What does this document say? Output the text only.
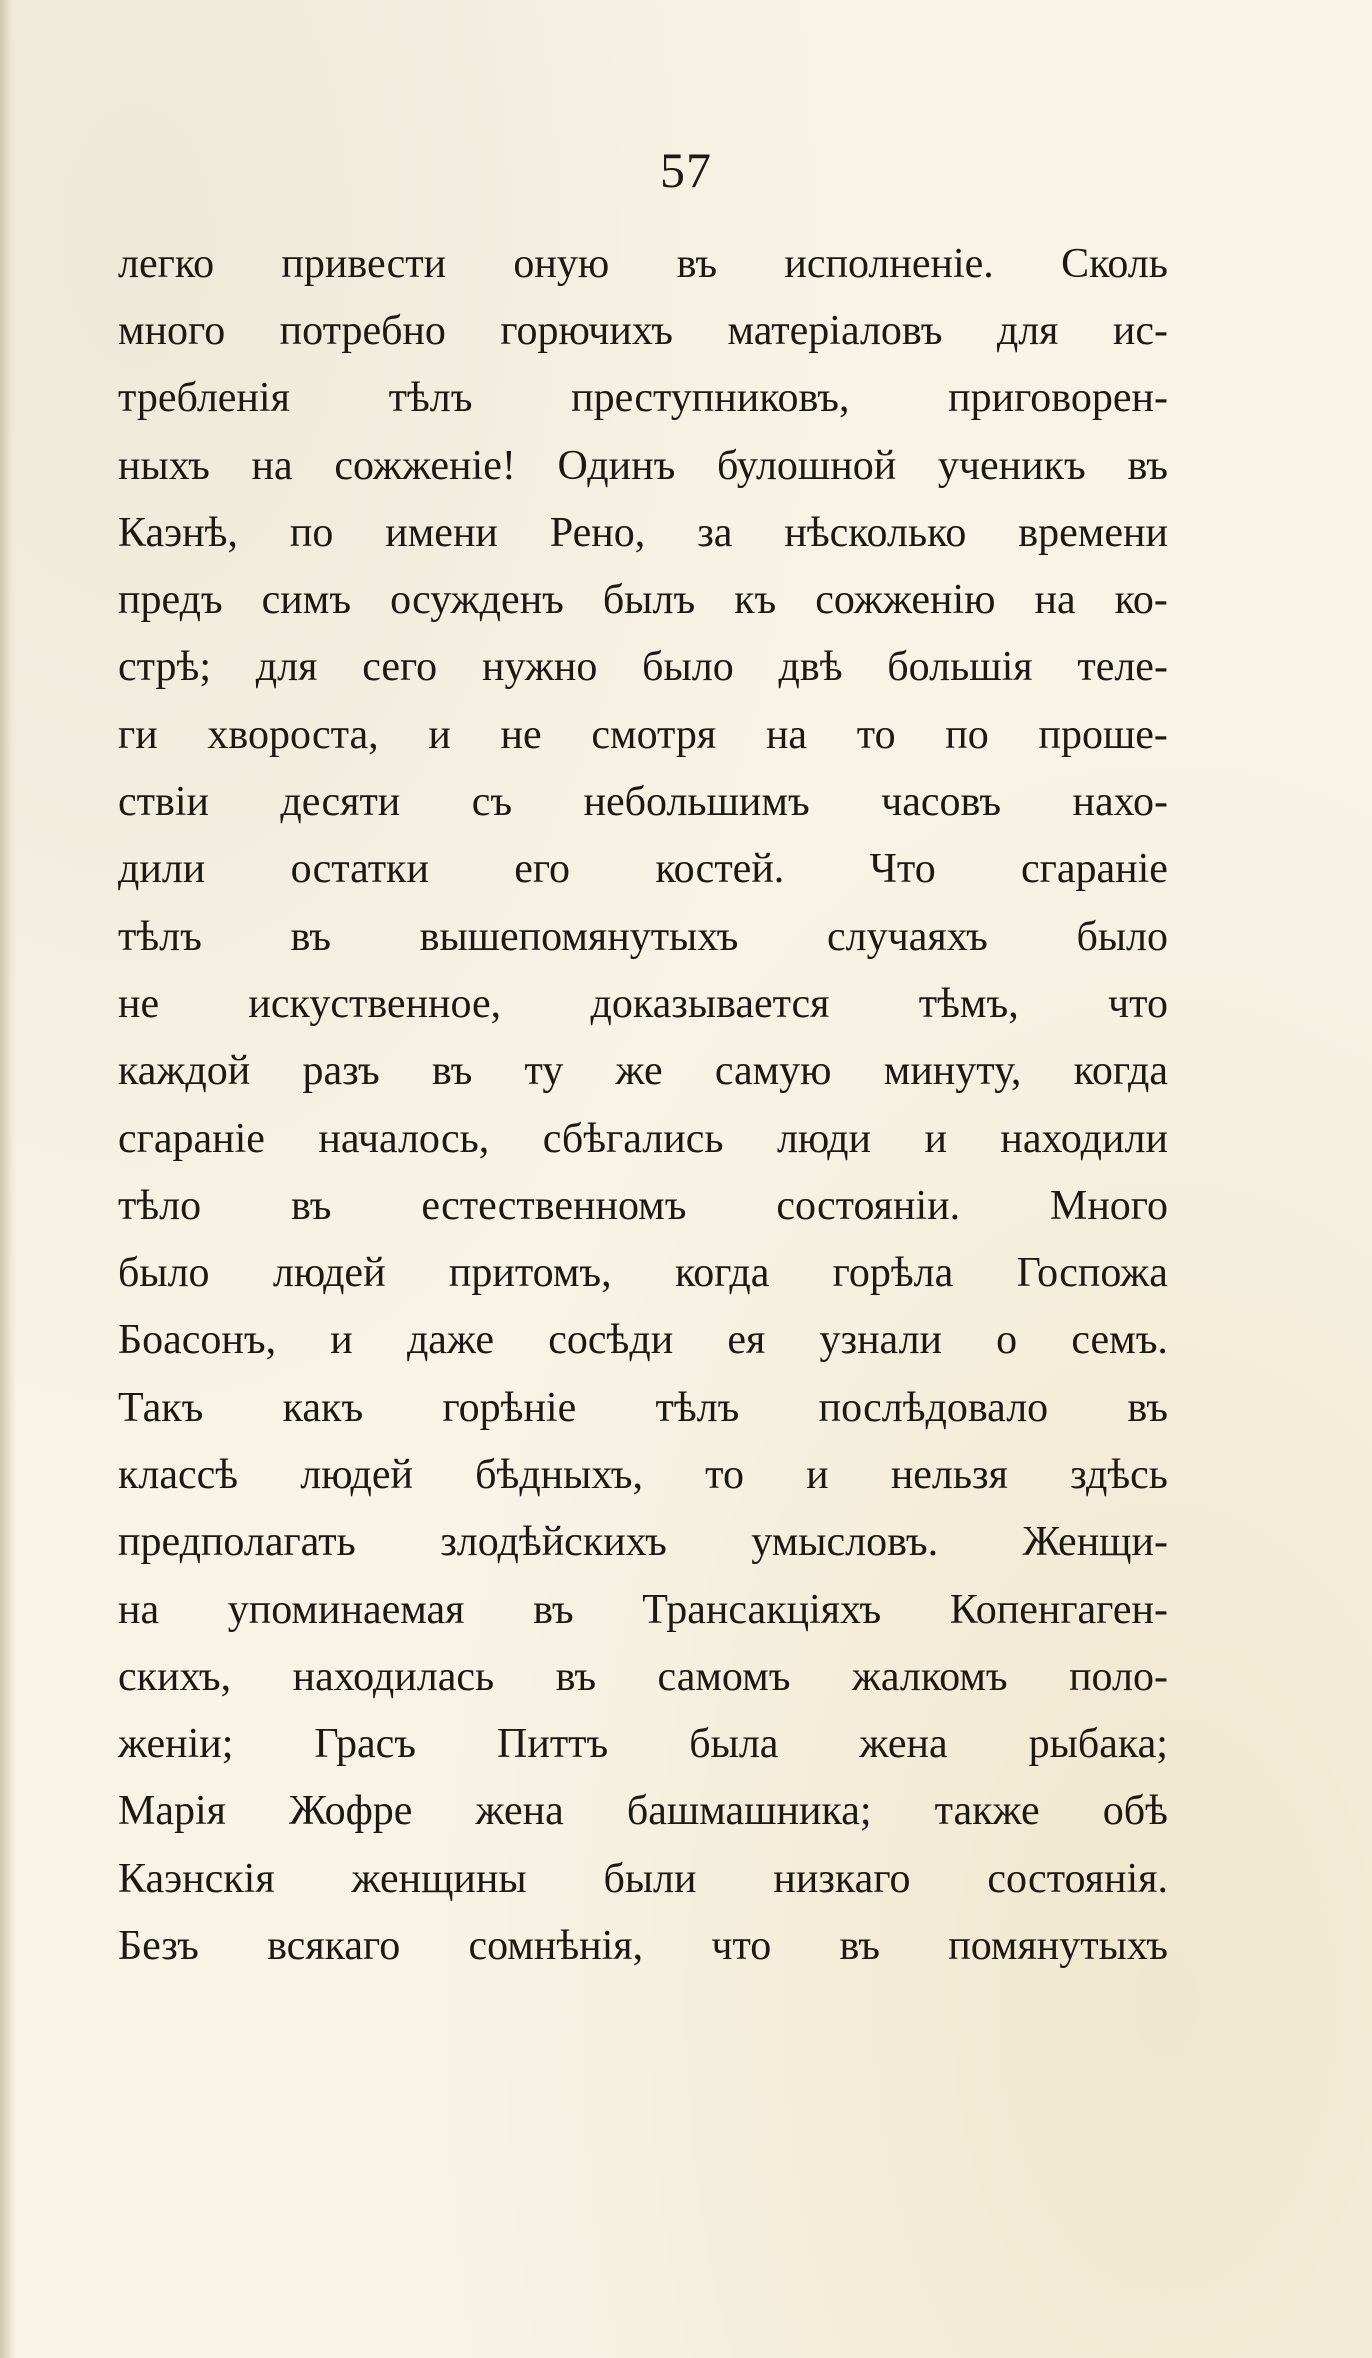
57
легко привести оную въ исполненіе. Сколь
много потребно горючихъ матеріаловъ для ис-
требленія тѣлъ преступниковъ, приговорен-
ныхъ на сожженіе! Одинъ булошной ученикъ въ
Каэнѣ, по имени Рено, за нѣсколько времени
предъ симъ осужденъ былъ къ сожженію на ко-
стрѣ; для сего нужно было двѣ большія теле-
ги хвороста, и не смотря на то по прошe-
ствіи десяти съ небольшимъ часовъ нахо-
дили остатки его костей. Что сгараніе
тѣлъ въ вышепомянутыхъ случаяхъ было
не искуственное, доказывается тѣмъ, что
каждой разъ въ ту же самую минуту, когда
сгараніе началось, сбѣгались люди и находили
тѣло въ естественномъ состояніи. Много
было людей притомъ, когда горѣла Госпожа
Боасонъ, и даже соcѣди ея узнали о семъ.
Такъ какъ горѣніе тѣлъ послѣдовало въ
классѣ людей бѣдныхъ, то и нельзя здѣсь
предполагать злодѣйскихъ умысловъ. Женщи-
на упоминаемая въ Трансакціяхъ Копенгаген-
скихъ, находилась въ самомъ жалкомъ поло-
женіи; Грасъ Питтъ была жена рыбака;
Марія Жофре жена башмашника; также обѣ
Каэнскія женщины были низкаго состоянія.
Безъ всякаго сомнѣнія, что въ помянутыхъ
